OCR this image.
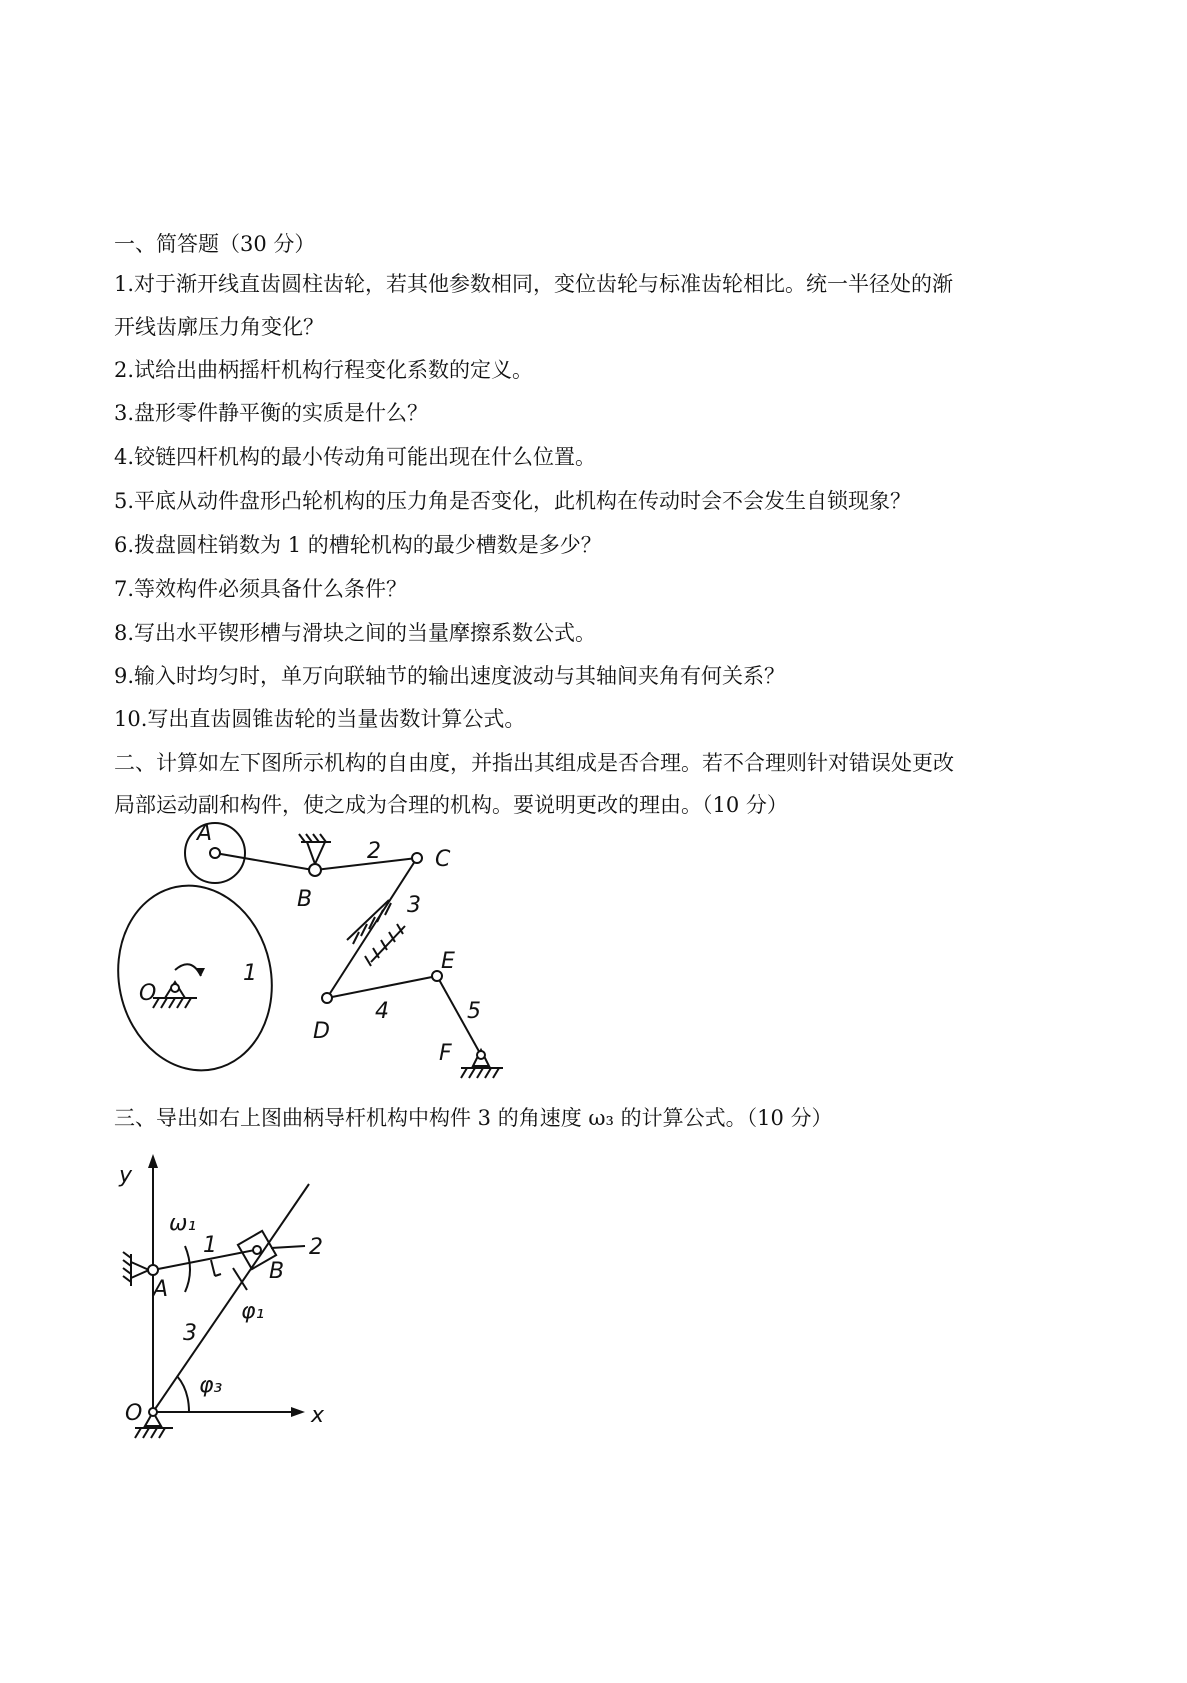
一、简答题（30 分）
1.对于渐开线直齿圆柱齿轮，若其他参数相同，变位齿轮与标准齿轮相比。统一半径处的渐
开线齿廓压力角变化？
2.试给出曲柄摇杆机构行程变化系数的定义。
3.盘形零件静平衡的实质是什么？
4.铰链四杆机构的最小传动角可能出现在什么位置。
5.平底从动件盘形凸轮机构的压力角是否变化，此机构在传动时会不会发生自锁现象？
6.拨盘圆柱销数为 1 的槽轮机构的最少槽数是多少？
7.等效构件必须具备什么条件？
8.写出水平锲形槽与滑块之间的当量摩擦系数公式。
9.输入时均匀时，单万向联轴节的输出速度波动与其轴间夹角有何关系？
10.写出直齿圆锥齿轮的当量齿数计算公式。
二、计算如左下图所示机构的自由度，并指出其组成是否合理。若不合理则针对错误处更改
局部运动副和构件，使之成为合理的机构。要说明更改的理由。（10 分）
A
B
C
D
E
F
O
1
2
3
4	5
三、导出如右上图曲柄导杆机构中构件 3 的角速度 ω₃ 的计算公式。（10 分）
y
x
O
A
B
ω₁
1	2
3
φ₁
φ₃
